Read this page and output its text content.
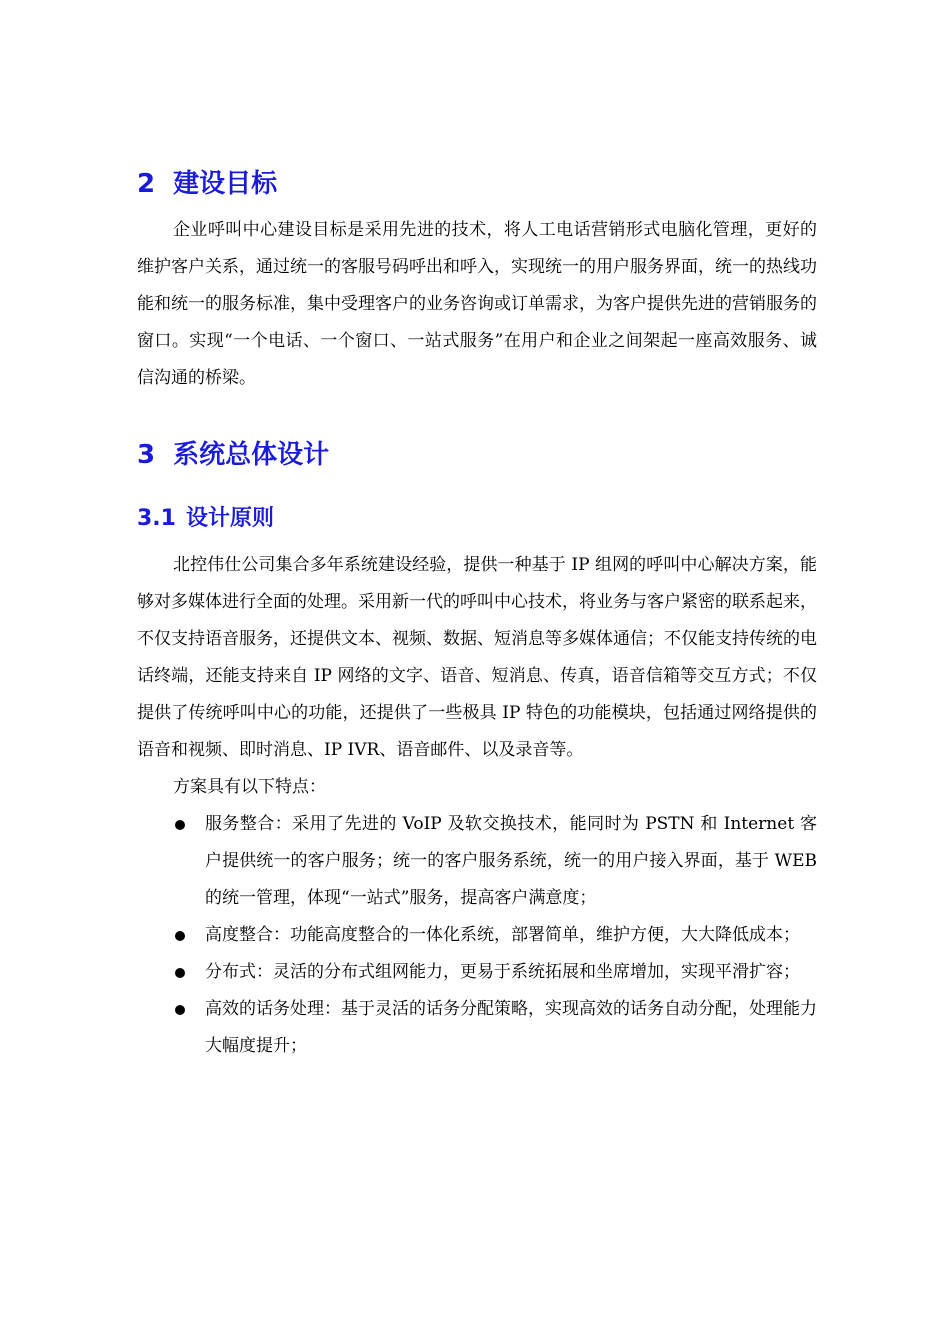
2 建设目标

企业呼叫中心建设目标是采用先进的技术，将人工电话营销形式电脑化管理，更好的维护客户关系，通过统一的客服号码呼出和呼入，实现统一的用户服务界面，统一的热线功能和统一的服务标准，集中受理客户的业务咨询或订单需求，为客户提供先进的营销服务的窗口。实现“一个电话、一个窗口、一站式服务”在用户和企业之间架起一座高效服务、诚信沟通的桥梁。

3 系统总体设计
3.1 设计原则

北控伟仕公司集合多年系统建设经验，提供一种基于 IP 组网的呼叫中心解决方案，能够对多媒体进行全面的处理。采用新一代的呼叫中心技术，将业务与客户紧密的联系起来，不仅支持语音服务，还提供文本、视频、数据、短消息等多媒体通信；不仅能支持传统的电话终端，还能支持来自 IP 网络的文字、语音、短消息、传真，语音信箱等交互方式；不仅提供了传统呼叫中心的功能，还提供了一些极具 IP 特色的功能模块，包括通过网络提供的语音和视频、即时消息、IP IVR、语音邮件、以及录音等。

方案具有以下特点：

服务整合：采用了先进的 VoIP 及软交换技术，能同时为 PSTN 和 Internet 客户提供统一的客户服务；统一的客户服务系统，统一的用户接入界面，基于 WEB 的统一管理，体现“一站式”服务，提高客户满意度；
高度整合：功能高度整合的一体化系统，部署简单，维护方便，大大降低成本；
分布式：灵活的分布式组网能力，更易于系统拓展和坐席增加，实现平滑扩容；
高效的话务处理：基于灵活的话务分配策略，实现高效的话务自动分配，处理能力大幅度提升；
